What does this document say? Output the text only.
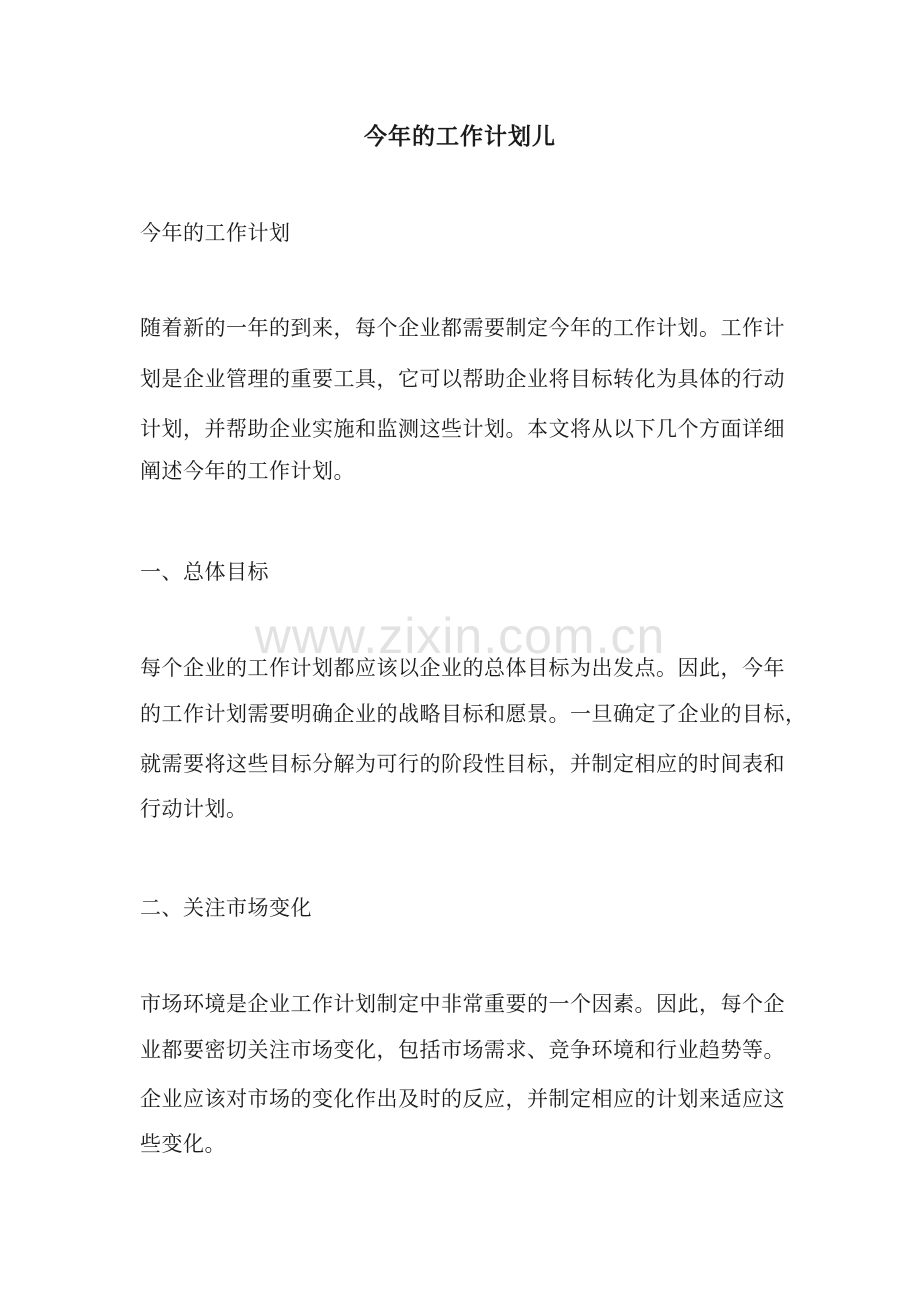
今年的工作计划儿
今年的工作计划
随着新的一年的到来，每个企业都需要制定今年的工作计划。工作计
划是企业管理的重要工具，它可以帮助企业将目标转化为具体的行动
计划，并帮助企业实施和监测这些计划。本文将从以下几个方面详细
阐述今年的工作计划。
一、总体目标
每个企业的工作计划都应该以企业的总体目标为出发点。因此，今年
的工作计划需要明确企业的战略目标和愿景。一旦确定了企业的目标，
就需要将这些目标分解为可行的阶段性目标，并制定相应的时间表和
行动计划。
二、关注市场变化
市场环境是企业工作计划制定中非常重要的一个因素。因此，每个企
业都要密切关注市场变化，包括市场需求、竞争环境和行业趋势等。
企业应该对市场的变化作出及时的反应，并制定相应的计划来适应这
些变化。
www.zixin.com.cn
